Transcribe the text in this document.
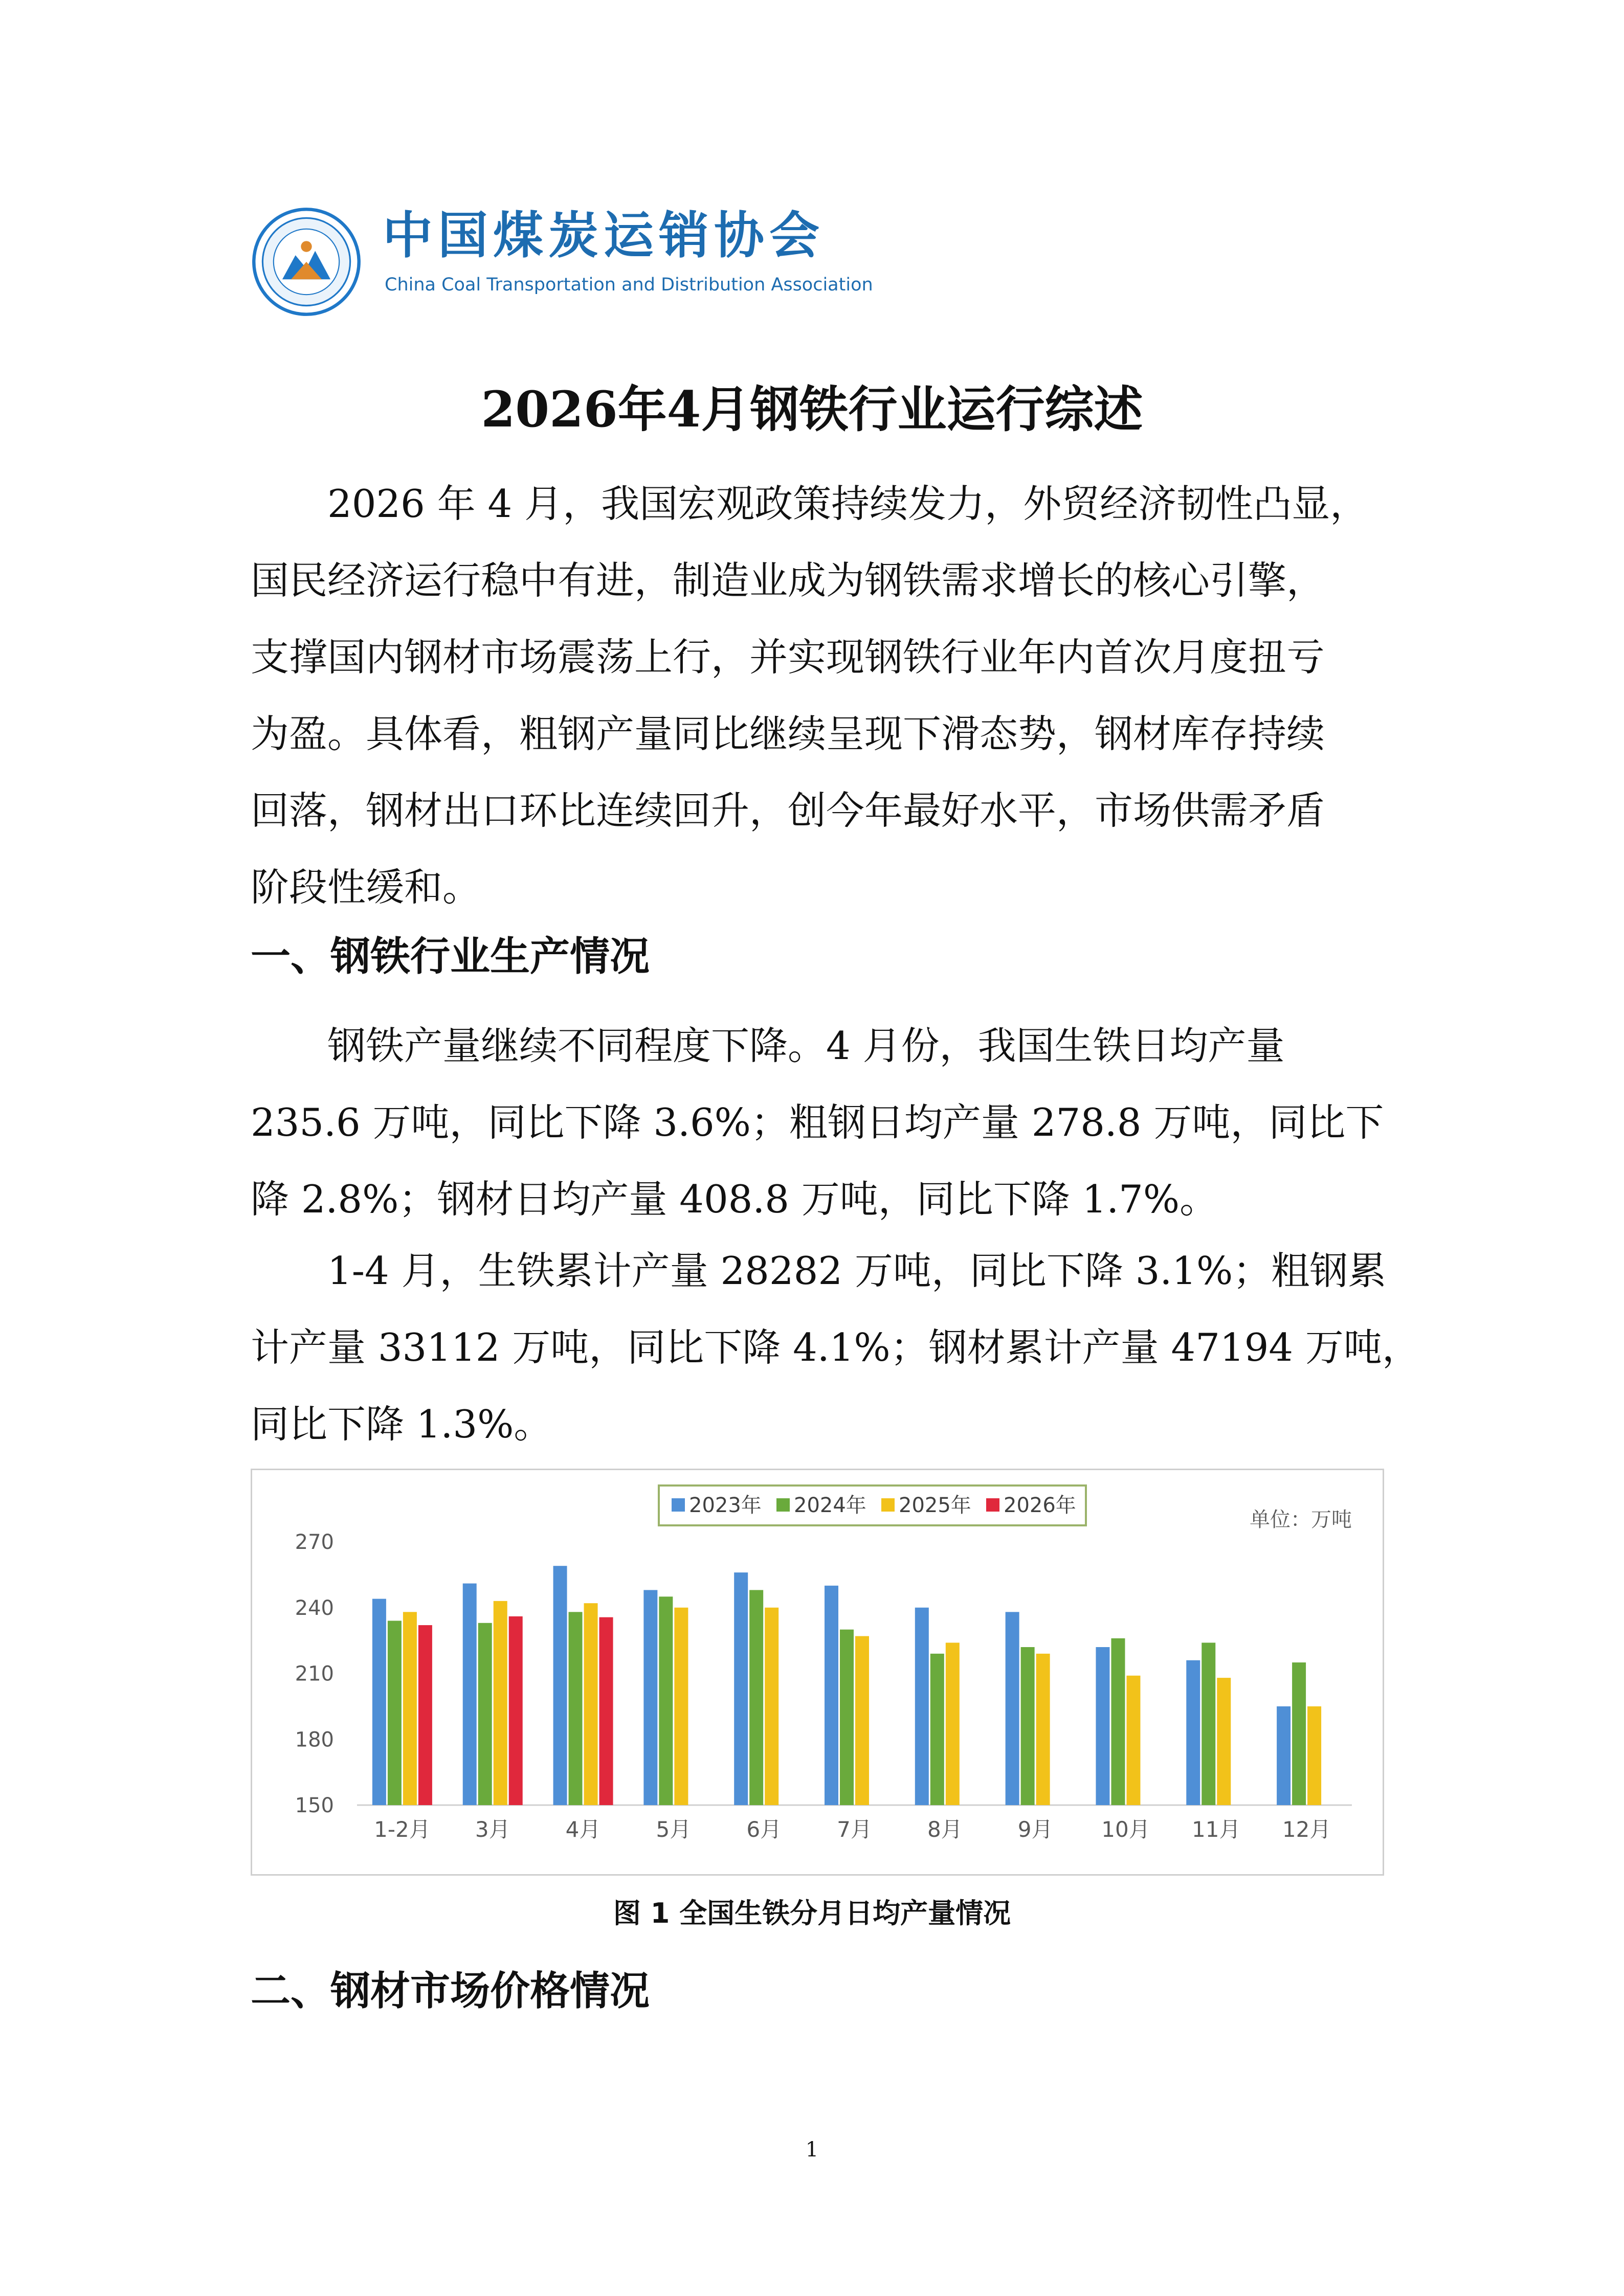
中国煤炭运销协会
China Coal Transportation and Distribution Association
2026年4月钢铁行业运行综述
2026 年 4 月，我国宏观政策持续发力，外贸经济韧性凸显，
国民经济运行稳中有进，制造业成为钢铁需求增长的核心引擎，
支撑国内钢材市场震荡上行，并实现钢铁行业年内首次月度扭亏
为盈。具体看，粗钢产量同比继续呈现下滑态势，钢材库存持续
回落，钢材出口环比连续回升，创今年最好水平，市场供需矛盾
阶段性缓和。
一、钢铁行业生产情况
钢铁产量继续不同程度下降。4 月份，我国生铁日均产量
235.6 万吨，同比下降 3.6%；粗钢日均产量 278.8 万吨，同比下
降 2.8%；钢材日均产量 408.8 万吨，同比下降 1.7%。
1-4 月，生铁累计产量 28282 万吨，同比下降 3.1%；粗钢累
计产量 33112 万吨，同比下降 4.1%；钢材累计产量 47194 万吨，
同比下降 1.3%。
150
180
210
240
270
1-2月 3月	4月	5月	6月	7月	8月	9月 10月 11月 12月
2023年 2024年 2025年 2026年
单位：万吨
图 1 全国生铁分月日均产量情况
二、钢材市场价格情况
1
